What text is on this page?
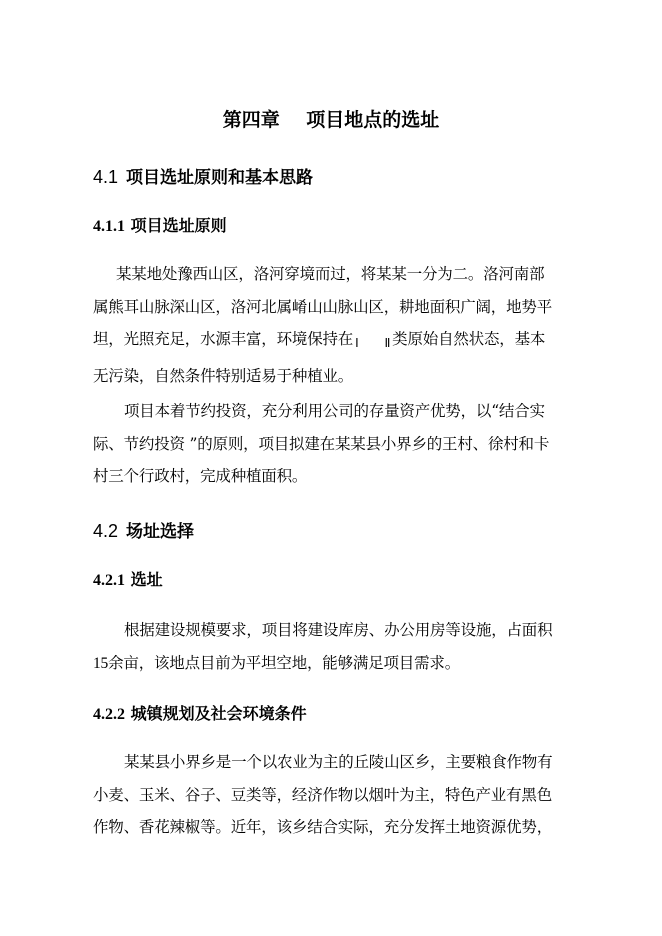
第四章    项目地点的选址
4.1 项目选址原则和基本思路
4.1.1 项目选址原则
某某地处豫西山区，洛河穿境而过，将某某一分为二。洛河南部
属熊耳山脉深山区，洛河北属崤山山脉山区，耕地面积广阔，地势平
坦，光照充足，水源丰富，环境保持在 Ⅰ Ⅱ 类原始自然状态，基本
无污染，自然条件特别适易于种植业。
项目本着节约投资，充分利用公司的存量资产优势，以“结合实
际、节约投资 ”的原则，项目拟建在某某县小界乡的王村、徐村和卡
村三个行政村，完成种植面积。
4.2 场址选择
4.2.1 选址
根据建设规模要求，项目将建设库房、办公用房等设施，占面积
15余亩，该地点目前为平坦空地，能够满足项目需求。
4.2.2 城镇规划及社会环境条件
某某县小界乡是一个以农业为主的丘陵山区乡，主要粮食作物有
小麦、玉米、谷子、豆类等，经济作物以烟叶为主，特色产业有黑色
作物、香花辣椒等。近年，该乡结合实际，充分发挥土地资源优势，
